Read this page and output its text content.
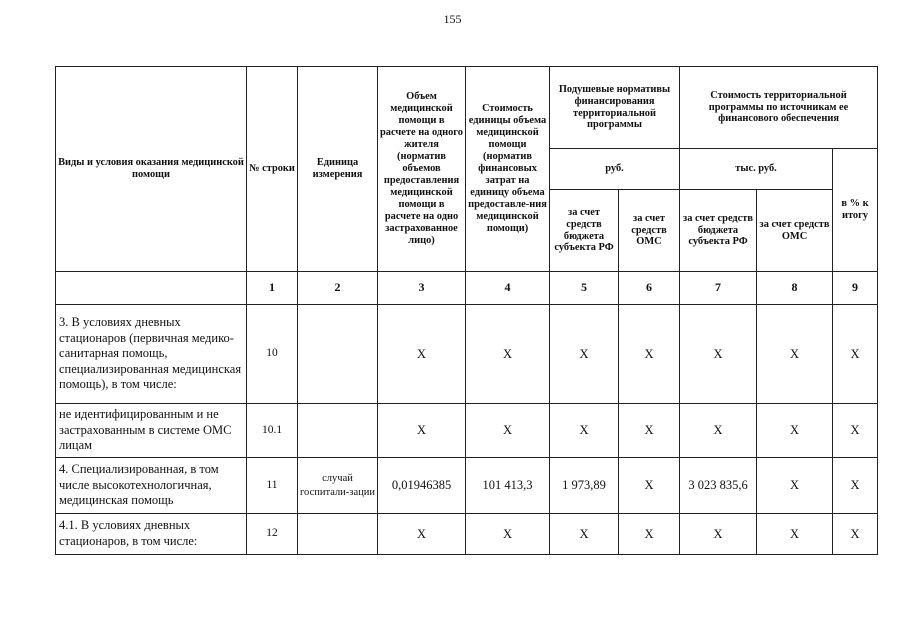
155
Виды и условия оказания медицинской помощи	№ строки	Единица измерения	Объем медицинской помощи в расчете на одного жителя (норматив объемов предоставления медицинской помощи в расчете на одно застрахованное лицо)	Стоимость единицы объема медицинской помощи (норматив финансовых затрат на единицу объема предоставле-ния медицинской помощи)	Подушевые нормативы финансирования территориальной программы		Стоимость территориальной программы по источникам ее финансового обеспечения		
					руб.		тыс. руб.		в % к итогу
					за счет средств бюджета субъекта РФ	за счет средств ОМС	за счет средств бюджета субъекта РФ	за счет средств ОМС	
	1	2	3	4	5	6	7	8	9
3. В условиях дневных стационаров (первичная медико-санитарная помощь, специализированная медицинская помощь), в том числе:	10		Х	Х	Х	Х	Х	Х	Х
не идентифицированным и не застрахованным в системе ОМС лицам	10.1		Х	Х	Х	Х	Х	Х	Х
4. Специализированная, в том числе высокотехнологичная, медицинская помощь	11	случай госпитали-зации	0,01946385	101 413,3	1 973,89	Х	3 023 835,6	Х	Х
4.1. В условиях дневных стационаров, в том числе:	12		Х	Х	Х	Х	Х	Х	Х
